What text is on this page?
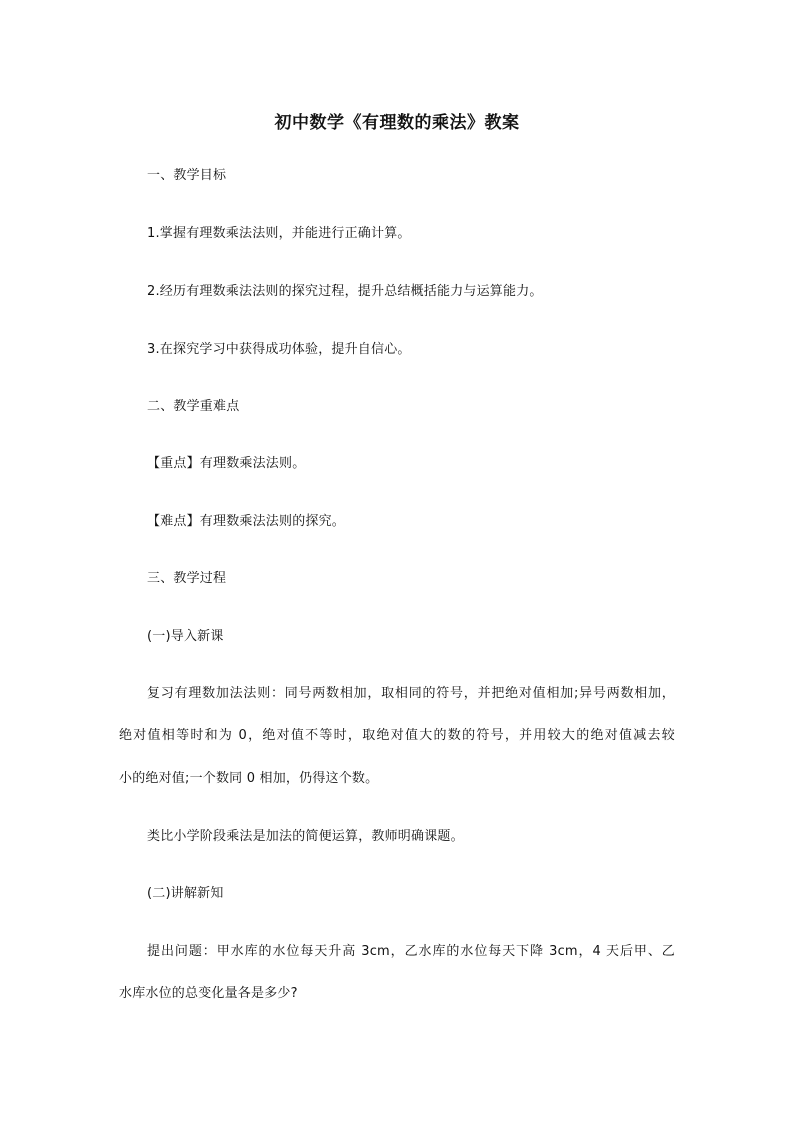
初中数学《有理数的乘法》教案
一、教学目标
1.掌握有理数乘法法则，并能进行正确计算。
2.经历有理数乘法法则的探究过程，提升总结概括能力与运算能力。
3.在探究学习中获得成功体验，提升自信心。
二、教学重难点
【重点】有理数乘法法则。
【难点】有理数乘法法则的探究。
三、教学过程
(一)导入新课
复习有理数加法法则：同号两数相加，取相同的符号，并把绝对值相加;异号两数相加，
绝对值相等时和为 0，绝对值不等时，取绝对值大的数的符号，并用较大的绝对值减去较
小的绝对值;一个数同 0 相加，仍得这个数。
类比小学阶段乘法是加法的简便运算，教师明确课题。
(二)讲解新知
提出问题：甲水库的水位每天升高 3cm，乙水库的水位每天下降 3cm，4 天后甲、乙
水库水位的总变化量各是多少?
